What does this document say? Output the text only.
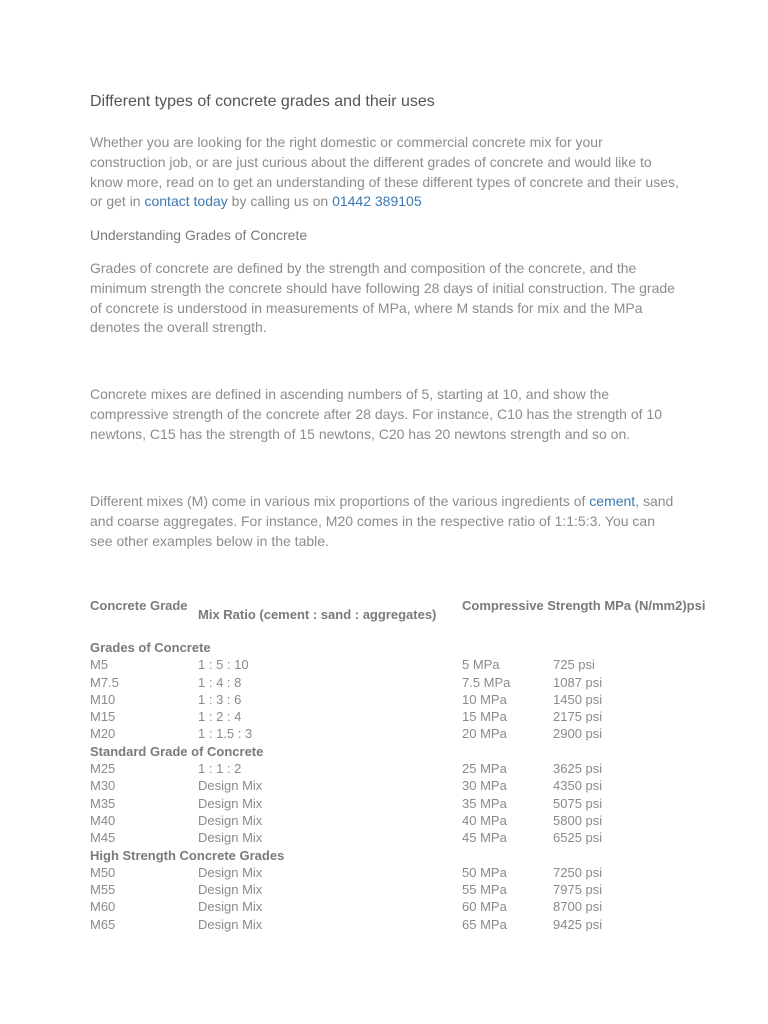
Different types of concrete grades and their uses
Whether you are looking for the right domestic or commercial concrete mix for your construction job, or are just curious about the different grades of concrete and would like to know more, read on to get an understanding of these different types of concrete and their uses, or get in contact today by calling us on 01442 389105
Understanding Grades of Concrete
Grades of concrete are defined by the strength and composition of the concrete, and the minimum strength the concrete should have following 28 days of initial construction. The grade of concrete is understood in measurements of MPa, where M stands for mix and the MPa denotes the overall strength.
Concrete mixes are defined in ascending numbers of 5, starting at 10, and show the compressive strength of the concrete after 28 days. For instance, C10 has the strength of 10 newtons, C15 has the strength of 15 newtons, C20 has 20 newtons strength and so on.
Different mixes (M) come in various mix proportions of the various ingredients of cement, sand and coarse aggregates. For instance, M20 comes in the respective ratio of 1:1:5:3. You can see other examples below in the table.
Concrete Grade
Mix Ratio (cement : sand : aggregates)
Compressive Strength MPa (N/mm2)psi
Grades of Concrete
M5	1 : 5 : 10	5 MPa	725 psi
M7.5	1 : 4 : 8	7.5 MPa	1087 psi
M10	1 : 3 : 6	10 MPa	1450 psi
M15	1 : 2 : 4	15 MPa	2175 psi
M20	1 : 1.5 : 3	20 MPa	2900 psi
Standard Grade of Concrete
M25	1 : 1 : 2	25 MPa	3625 psi
M30	Design Mix	30 MPa	4350 psi
M35	Design Mix	35 MPa	5075 psi
M40	Design Mix	40 MPa	5800 psi
M45	Design Mix	45 MPa	6525 psi
High Strength Concrete Grades
M50	Design Mix	50 MPa	7250 psi
M55	Design Mix	55 MPa	7975 psi
M60	Design Mix	60 MPa	8700 psi
M65	Design Mix	65 MPa	9425 psi
